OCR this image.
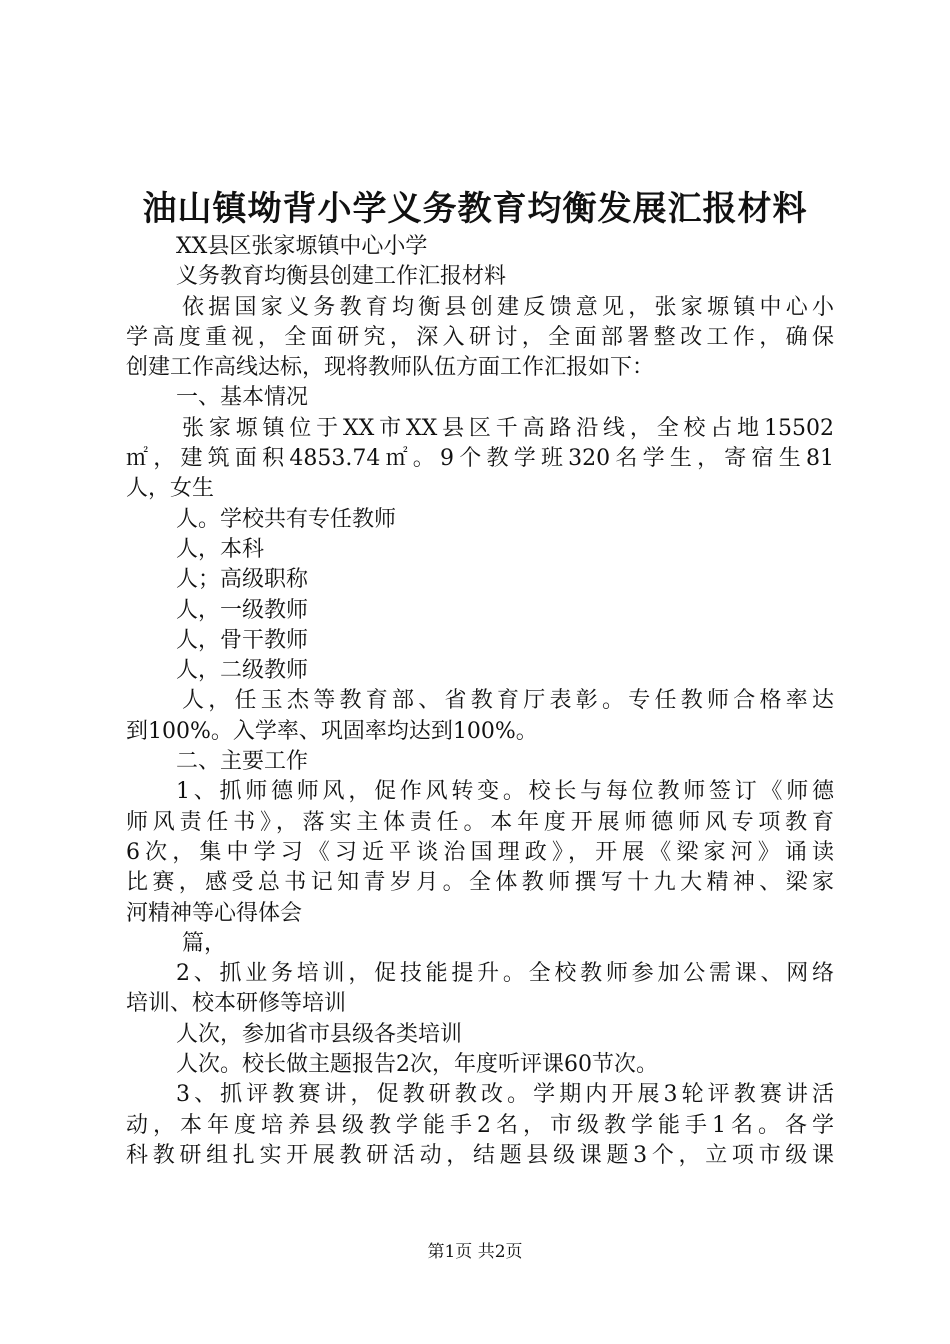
油山镇坳背小学义务教育均衡发展汇报材料
XX县区张家塬镇中心小学
义务教育均衡县创建工作汇报材料
依据国家义务教育均衡县创建反馈意见，张家塬镇中心小
学高度重视，全面研究，深入研讨，全面部署整改工作，确保
创建工作高线达标，现将教师队伍方面工作汇报如下：
一、基本情况
张家塬镇位于XX市XX县区千高路沿线，全校占地15502
㎡，建筑面积4853.74㎡。9个教学班320名学生，寄宿生81
人，女生
人。学校共有专任教师
人，本科
人；高级职称
人，一级教师
人，骨干教师
人，二级教师
人，任玉杰等教育部、省教育厅表彰。专任教师合格率达
到100%。入学率、巩固率均达到100%。
二、主要工作
1、抓师德师风，促作风转变。校长与每位教师签订《师德
师风责任书》，落实主体责任。本年度开展师德师风专项教育
6次，集中学习《习近平谈治国理政》，开展《梁家河》诵读
比赛，感受总书记知青岁月。全体教师撰写十九大精神、梁家
河精神等心得体会
篇，
2、抓业务培训，促技能提升。全校教师参加公需课、网络
培训、校本研修等培训
人次，参加省市县级各类培训
人次。校长做主题报告2次，年度听评课60节次。
3、抓评教赛讲，促教研教改。学期内开展3轮评教赛讲活
动，本年度培养县级教学能手2名，市级教学能手1名。各学
科教研组扎实开展教研活动，结题县级课题3个，立项市级课
第1页 共2页
